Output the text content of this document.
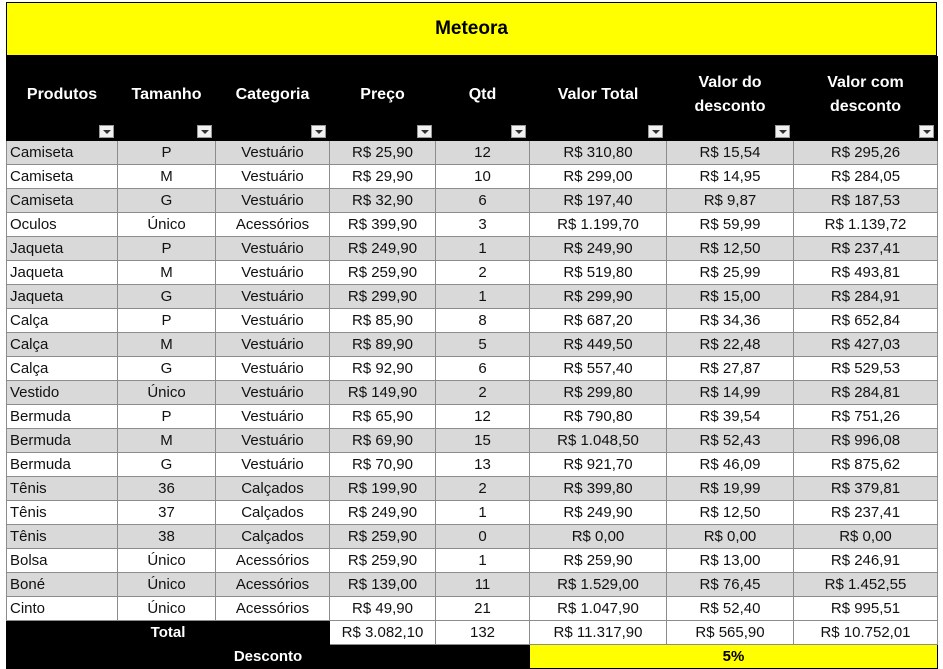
Meteora
Produtos	Tamanho	Categoria	Preço	Qtd	Valor Total	Valor do desconto	Valor com desconto

Camiseta	P	Vestuário	R$ 25,90	12	R$ 310,80	R$ 15,54	R$ 295,26
Camiseta	M	Vestuário	R$ 29,90	10	R$ 299,00	R$ 14,95	R$ 284,05
Camiseta	G	Vestuário	R$ 32,90	6	R$ 197,40	R$ 9,87	R$ 187,53
Oculos	Único	Acessórios	R$ 399,90	3	R$ 1.199,70	R$ 59,99	R$ 1.139,72
Jaqueta	P	Vestuário	R$ 249,90	1	R$ 249,90	R$ 12,50	R$ 237,41
Jaqueta	M	Vestuário	R$ 259,90	2	R$ 519,80	R$ 25,99	R$ 493,81
Jaqueta	G	Vestuário	R$ 299,90	1	R$ 299,90	R$ 15,00	R$ 284,91
Calça	P	Vestuário	R$ 85,90	8	R$ 687,20	R$ 34,36	R$ 652,84
Calça	M	Vestuário	R$ 89,90	5	R$ 449,50	R$ 22,48	R$ 427,03
Calça	G	Vestuário	R$ 92,90	6	R$ 557,40	R$ 27,87	R$ 529,53
Vestido	Único	Vestuário	R$ 149,90	2	R$ 299,80	R$ 14,99	R$ 284,81
Bermuda	P	Vestuário	R$ 65,90	12	R$ 790,80	R$ 39,54	R$ 751,26
Bermuda	M	Vestuário	R$ 69,90	15	R$ 1.048,50	R$ 52,43	R$ 996,08
Bermuda	G	Vestuário	R$ 70,90	13	R$ 921,70	R$ 46,09	R$ 875,62
Tênis	36	Calçados	R$ 199,90	2	R$ 399,80	R$ 19,99	R$ 379,81
Tênis	37	Calçados	R$ 249,90	1	R$ 249,90	R$ 12,50	R$ 237,41
Tênis	38	Calçados	R$ 259,90	0	R$ 0,00	R$ 0,00	R$ 0,00
Bolsa	Único	Acessórios	R$ 259,90	1	R$ 259,90	R$ 13,00	R$ 246,91
Boné	Único	Acessórios	R$ 139,00	11	R$ 1.529,00	R$ 76,45	R$ 1.452,55
Cinto	Único	Acessórios	R$ 49,90	21	R$ 1.047,90	R$ 52,40	R$ 995,51
Total			R$ 3.082,10	132	R$ 11.317,90	R$ 565,90	R$ 10.752,01
Desconto					5%		
